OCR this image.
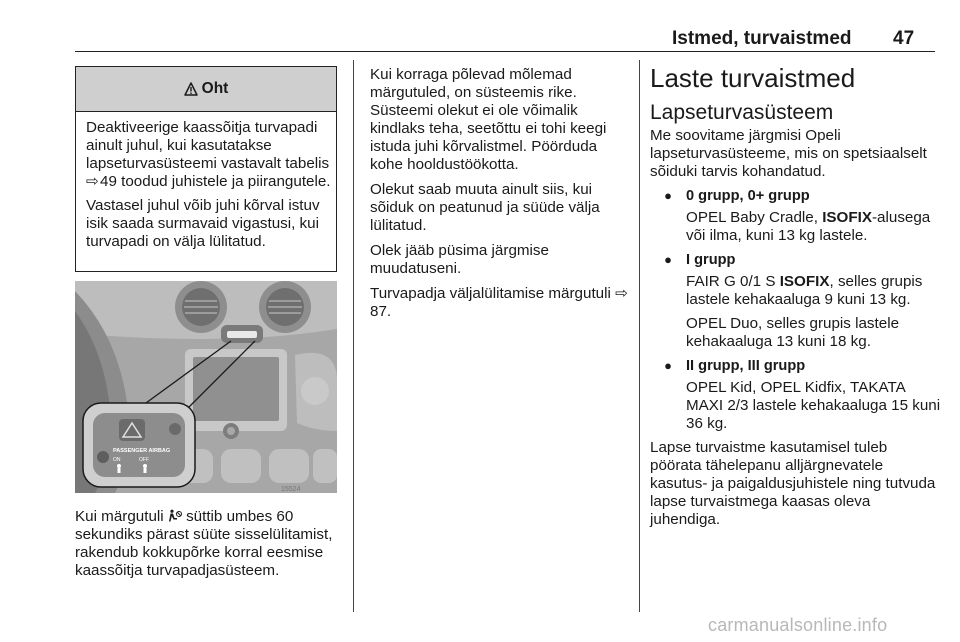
Istmed, turvaistmed 47
Oht
Deaktiveerige kaassõitja turvapadi ainult juhul, kui kasutatakse lapseturvasüsteemi vastavalt tabelis ⇨ 49 toodud juhistele ja piirangutele.
Vastasel juhul võib juhi kõrval istuv isik saada surmavaid vigastusi, kui turvapadi on välja lülitatud.
PASSENGER AIRBAG
ON	OFF
15524
Kui märgutuli  süttib umbes 60 sekundiks pärast süüte sisselülitamist, rakendub kokkupõrke korral eesmise kaassõitja turvapadjasüsteem.
Kui korraga põlevad mõlemad märgutuled, on süsteemis rike. Süsteemi olekut ei ole võimalik kindlaks teha, seetõttu ei tohi keegi istuda juhi kõrvalistmel. Pöörduda kohe hooldustöökotta.
Olekut saab muuta ainult siis, kui sõiduk on peatunud ja süüde välja lülitatud.
Olek jääb püsima järgmise muudatuseni.
Turvapadja väljalülitamise märgutuli ⇨ 87.
Laste turvaistmed
Lapseturvasüsteem
Me soovitame järgmisi Opeli lapseturvasüsteeme, mis on spetsiaalselt sõiduki tarvis kohandatud.
● 0 grupp, 0+ grupp
OPEL Baby Cradle, ISOFIX-alusega või ilma, kuni 13 kg lastele.
● I grupp
FAIR G 0/1 S ISOFIX, selles grupis lastele kehakaaluga 9 kuni 13 kg.
OPEL Duo, selles grupis lastele kehakaaluga 13 kuni 18 kg.
● II grupp, III grupp
OPEL Kid, OPEL Kidfix, TAKATA MAXI 2/3 lastele kehakaaluga 15 kuni 36 kg.
Lapse turvaistme kasutamisel tuleb pöörata tähelepanu alljärgnevatele kasutus- ja paigaldusjuhistele ning tutvuda lapse turvaistmega kaasas oleva juhendiga.
carmanualsonline.info
